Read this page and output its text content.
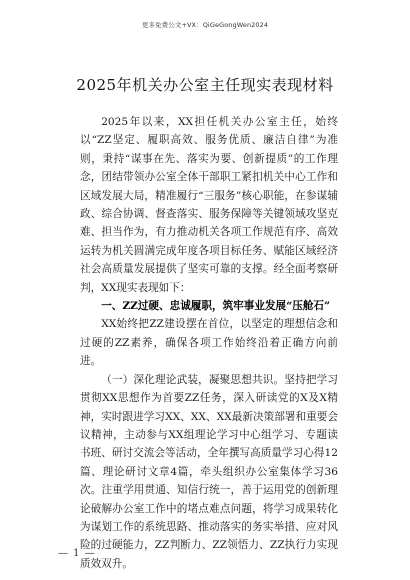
更多免费公文+VX：QiGeGongWen2024
2025年机关办公室主任现实表现材料

2025年以来，XX担任机关办公室主任，始终以“ZZ坚定、履职高效、服务优质、廉洁自律”为准则，秉持“谋事在先、落实为要、创新提质”的工作理念，团结带领办公室全体干部职工紧扣机关中心工作和区域发展大局，精准履行“三服务”核心职能，在参谋辅政、综合协调、督查落实、服务保障等关键领域攻坚克难、担当作为，有力推动机关各项工作规范有序、高效运转为机关圆满完成年度各项目标任务、赋能区域经济社会高质量发展提供了坚实可靠的支撑。经全面考察研判，XX现实表现如下：

一、ZZ过硬、忠诚履职，筑牢事业发展“压舱石”

XX始终把ZZ建设摆在首位，以坚定的理想信念和过硬的ZZ素养，确保各项工作始终沿着正确方向前进。

（一）深化理论武装，凝聚思想共识。坚持把学习贯彻XX思想作为首要ZZ任务，深入研读党的X及X精神，实时跟进学习XX、XX、XX最新决策部署和重要会议精神，主动参与XX组理论学习中心组学习、专题读书班、研讨交流会等活动，全年撰写高质量学习心得12篇、理论研讨文章4篇，牵头组织办公室集体学习36次。注重学用贯通、知信行统一，善于运用党的创新理论破解办公室工作中的堵点难点问题，将学习成果转化为谋划工作的系统思路、推动落实的务实举措、应对风险的过硬能力，ZZ判断力、ZZ领悟力、ZZ执行力实现质效双升。

— 1 —
